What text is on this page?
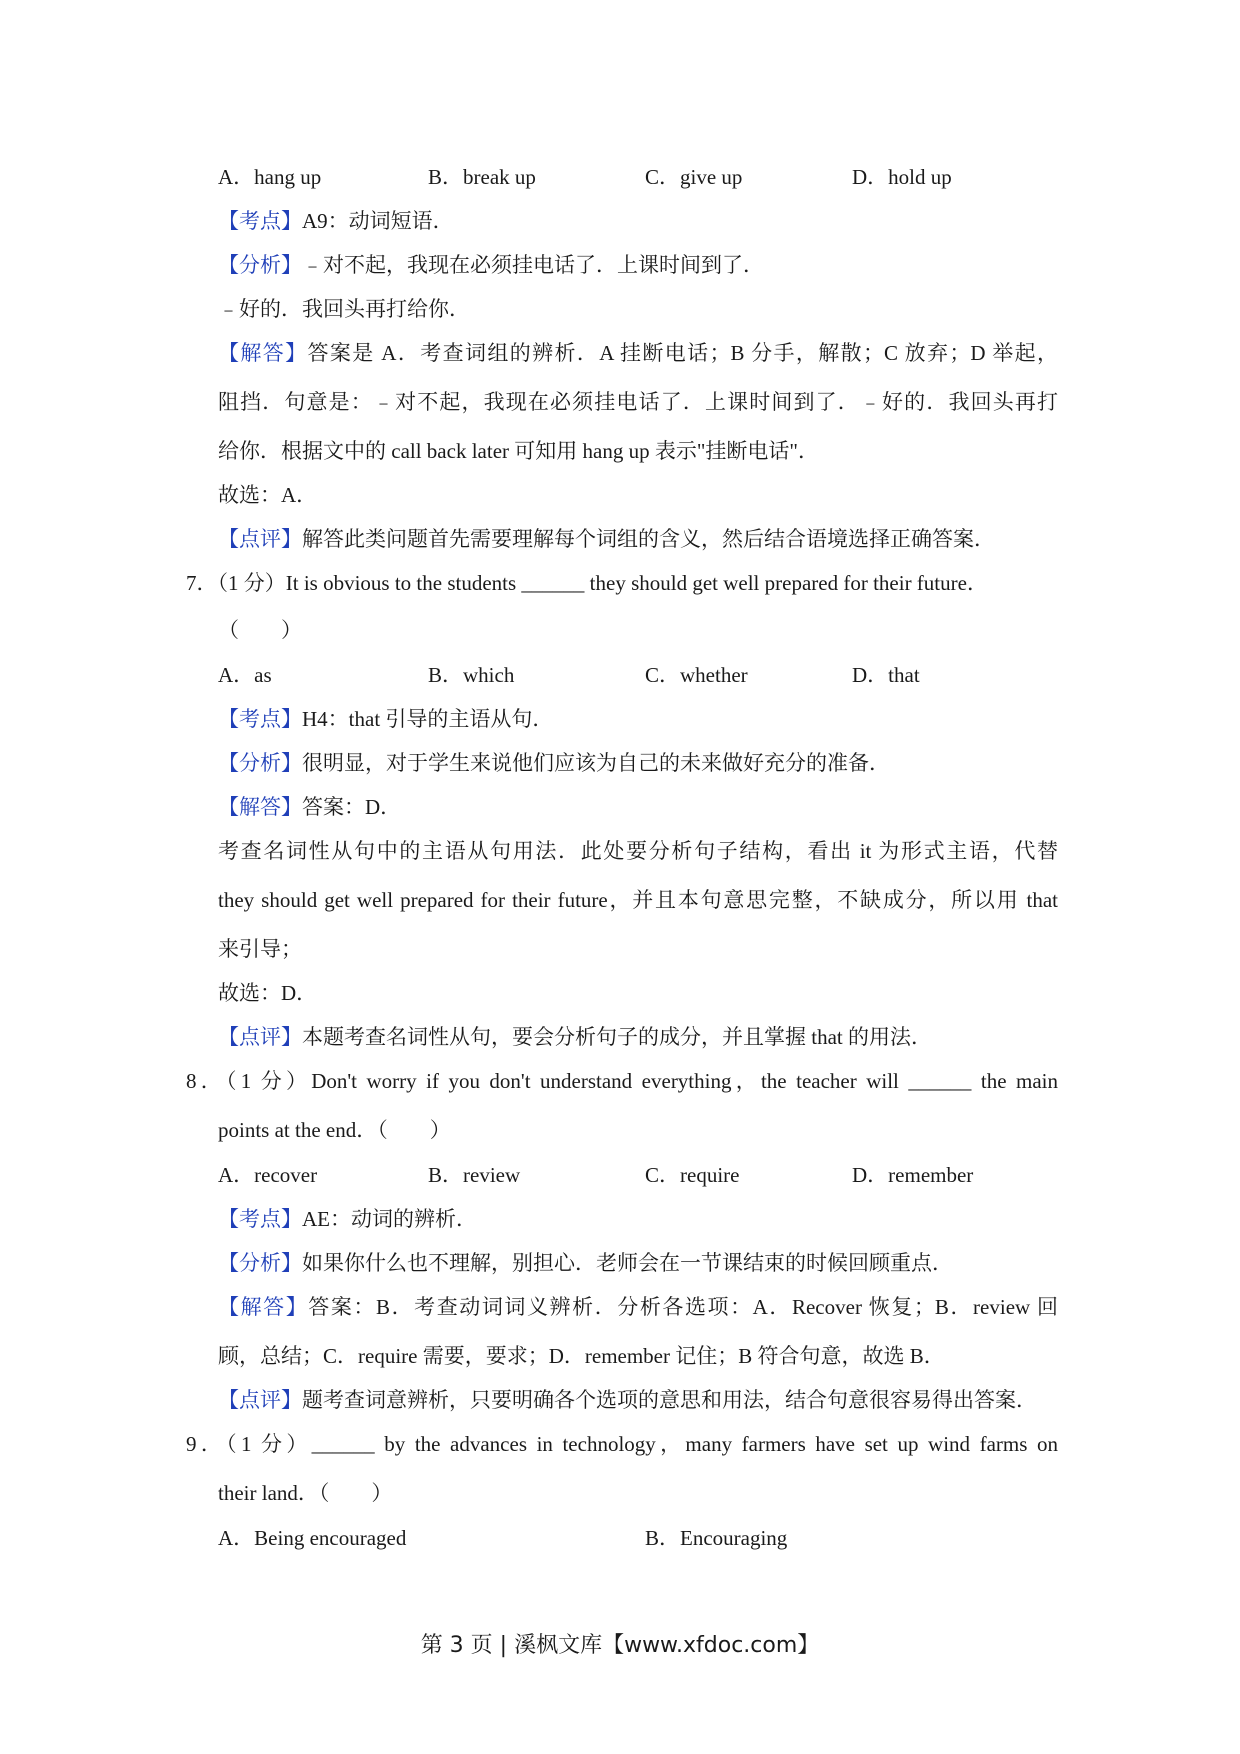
A．hang up	B．break up	C．give up	D．hold up
【考点】A9：动词短语．
【分析】﹣对不起，我现在必须挂电话了．上课时间到了．
﹣好的．我回头再打给你．
【解答】答案是 A．考查词组的辨析．A 挂断电话；B 分手，解散；C 放弃；D 举起，
阻挡．句意是：﹣对不起，我现在必须挂电话了．上课时间到了．﹣好的．我回头再打
给你．根据文中的 call back later 可知用 hang up 表示"挂断电话"．
故选：A．
【点评】解答此类问题首先需要理解每个词组的含义，然后结合语境选择正确答案．
7．（1 分）It is obvious to the students ______ they should get well prepared for their future．
（　　）
A．as	B．which	C．whether	D．that
【考点】H4：that 引导的主语从句．
【分析】很明显，对于学生来说他们应该为自己的未来做好充分的准备．
【解答】答案：D．
考查名词性从句中的主语从句用法．此处要分析句子结构，看出 it 为形式主语，代替
they should get well prepared for their future，并且本句意思完整，不缺成分，所以用 that
来引导；
故选：D．
【点评】本题考查名词性从句，要会分析句子的成分，并且掌握 that 的用法．
8．（1 分）Don't worry if you don't understand everything，the teacher will ______ the main
points at the end．（　　）
A．recover	B．review	C．require	D．remember
【考点】AE：动词的辨析．
【分析】如果你什么也不理解，别担心．老师会在一节课结束的时候回顾重点．
【解答】答案：B．考查动词词义辨析．分析各选项：A．Recover 恢复；B．review 回
顾，总结；C．require 需要，要求；D．remember 记住；B 符合句意，故选 B．
【点评】题考查词意辨析，只要明确各个选项的意思和用法，结合句意很容易得出答案．
9．（1 分）______ by the advances in technology，many farmers have set up wind farms on
their land．（　　）
A．Being encouraged	B．Encouraging
第 3 页 | 溪枫文库【www.xfdoc.com】
